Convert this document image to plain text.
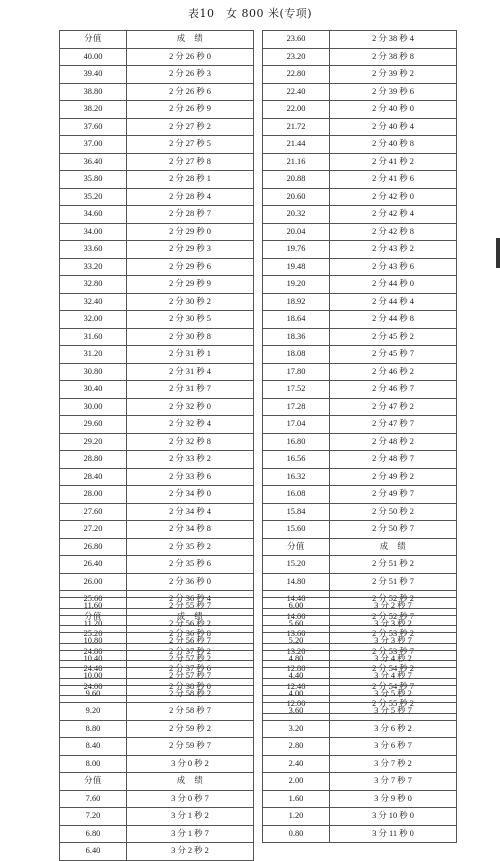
表10　女 800 米(专项)
分值	成　绩
40.00	2 分 26 秒 0
39.40	2 分 26 秒 3
38.80	2 分 26 秒 6
38.20	2 分 26 秒 9
37.60	2 分 27 秒 2
37.00	2 分 27 秒 5
36.40	2 分 27 秒 8
35.80	2 分 28 秒 1
35.20	2 分 28 秒 4
34.60	2 分 28 秒 7
34.00	2 分 29 秒 0
33.60	2 分 29 秒 3
33.20	2 分 29 秒 6
32.80	2 分 29 秒 9
32.40	2 分 30 秒 2
32.00	2 分 30 秒 5
31.60	2 分 30 秒 8
31.20	2 分 31 秒 1
30.80	2 分 31 秒 4
30.40	2 分 31 秒 7
30.00	2 分 32 秒 0
29.60	2 分 32 秒 4
29.20	2 分 32 秒 8
28.80	2 分 33 秒 2
28.40	2 分 33 秒 6
28.00	2 分 34 秒 0
27.60	2 分 34 秒 4
27.20	2 分 34 秒 8
26.80	2 分 35 秒 2
26.40	2 分 35 秒 6
26.00	2 分 36 秒 0
25.60	2 分 36 秒 4
分值	成　绩
25.20	2 分 36 秒 8
24.80	2 分 37 秒 2
24.40	2 分 37 秒 6
24.00	2 分 38 秒 0
23.60	2 分 38 秒 4
23.20	2 分 38 秒 8
22.80	2 分 39 秒 2
22.40	2 分 39 秒 6
22.00	2 分 40 秒 0
21.72	2 分 40 秒 4
21.44	2 分 40 秒 8
21.16	2 分 41 秒 2
20.88	2 分 41 秒 6
20.60	2 分 42 秒 0
20.32	2 分 42 秒 4
20.04	2 分 42 秒 8
19.76	2 分 43 秒 2
19.48	2 分 43 秒 6
19.20	2 分 44 秒 0
18.92	2 分 44 秒 4
18.64	2 分 44 秒 8
18.36	2 分 45 秒 2
18.08	2 分 45 秒 7
17.80	2 分 46 秒 2
17.52	2 分 46 秒 7
17.28	2 分 47 秒 2
17.04	2 分 47 秒 7
16.80	2 分 48 秒 2
16.56	2 分 48 秒 7
16.32	2 分 49 秒 2
16.08	2 分 49 秒 7
15.84	2 分 50 秒 2
15.60	2 分 50 秒 7
分值	成　绩
15.20	2 分 51 秒 2
14.80	2 分 51 秒 7
14.40	2 分 52 秒 2
14.00	2 分 52 秒 7
13.60	2 分 53 秒 2
13.20	2 分 53 秒 7
12.80	2 分 54 秒 2
12.40	2 分 54 秒 7
12.00	2 分 55 秒 2
11.60	2 分 55 秒 7
11.20	2 分 56 秒 2
10.80	2 分 56 秒 7
10.40	2 分 57 秒 2
10.00	2 分 57 秒 7
9.60	2 分 58 秒 2
9.20	2 分 58 秒 7
8.80	2 分 59 秒 2
8.40	2 分 59 秒 7
8.00	3 分 0 秒 2
分值	成　绩
7.60	3 分 0 秒 7
7.20	3 分 1 秒 2
6.80	3 分 1 秒 7
6.40	3 分 2 秒 2
6.00	3 分 2 秒 7
5.60	3 分 3 秒 2
5.20	3 分 3 秒 7
4.80	3 分 4 秒 2
4.40	3 分 4 秒 7
4.00	3 分 5 秒 2
3.60	3 分 5 秒 7
3.20	3 分 6 秒 2
2.80	3 分 6 秒 7
2.40	3 分 7 秒 2
2.00	3 分 7 秒 7
1.60	3 分 9 秒 0
1.20	3 分 10 秒 0
0.80	3 分 11 秒 0
